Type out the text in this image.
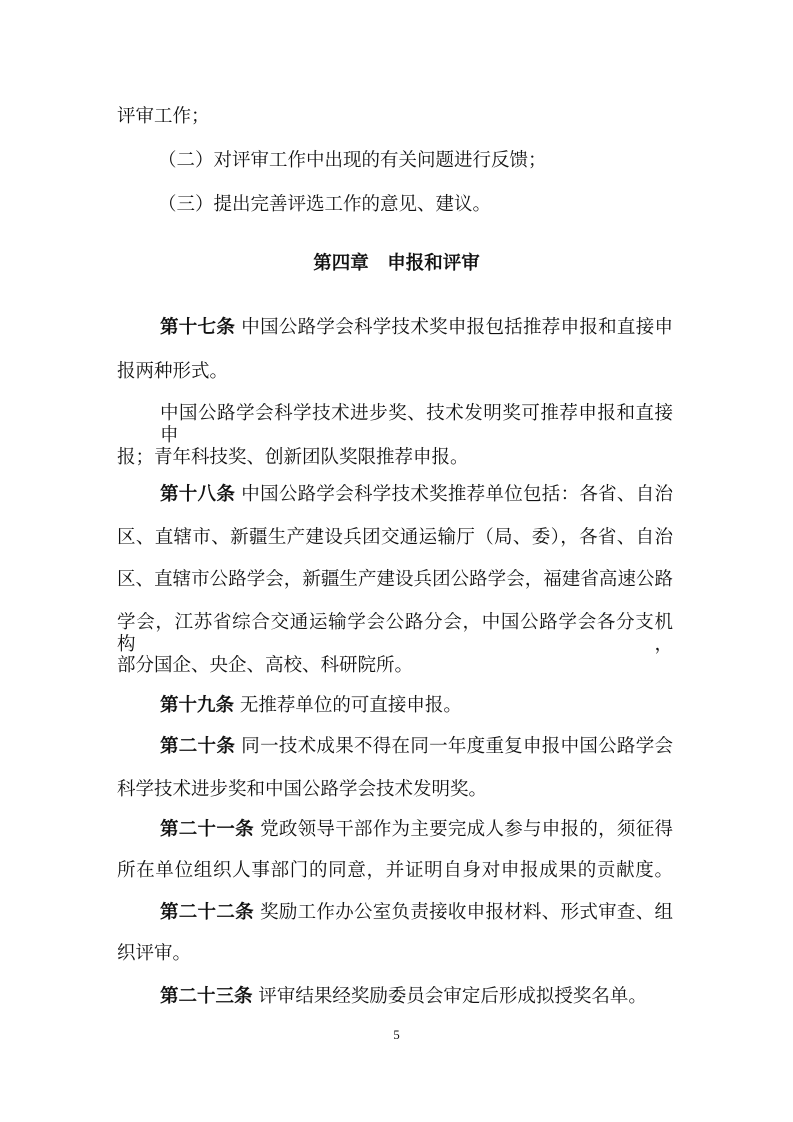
评审工作；
（二）对评审工作中出现的有关问题进行反馈；
（三）提出完善评选工作的意见、建议。
第四章　申报和评审
第十七条 中国公路学会科学技术奖申报包括推荐申报和直接申
报两种形式。
中国公路学会科学技术进步奖、技术发明奖可推荐申报和直接申
报；青年科技奖、创新团队奖限推荐申报。
第十八条 中国公路学会科学技术奖推荐单位包括：各省、自治
区、直辖市、新疆生产建设兵团交通运输厅（局、委），各省、自治
区、直辖市公路学会，新疆生产建设兵团公路学会，福建省高速公路
学会，江苏省综合交通运输学会公路分会，中国公路学会各分支机构，
部分国企、央企、高校、科研院所。
第十九条 无推荐单位的可直接申报。
第二十条 同一技术成果不得在同一年度重复申报中国公路学会
科学技术进步奖和中国公路学会技术发明奖。
第二十一条 党政领导干部作为主要完成人参与申报的，须征得
所在单位组织人事部门的同意，并证明自身对申报成果的贡献度。
第二十二条 奖励工作办公室负责接收申报材料、形式审查、组
织评审。
第二十三条 评审结果经奖励委员会审定后形成拟授奖名单。
5
